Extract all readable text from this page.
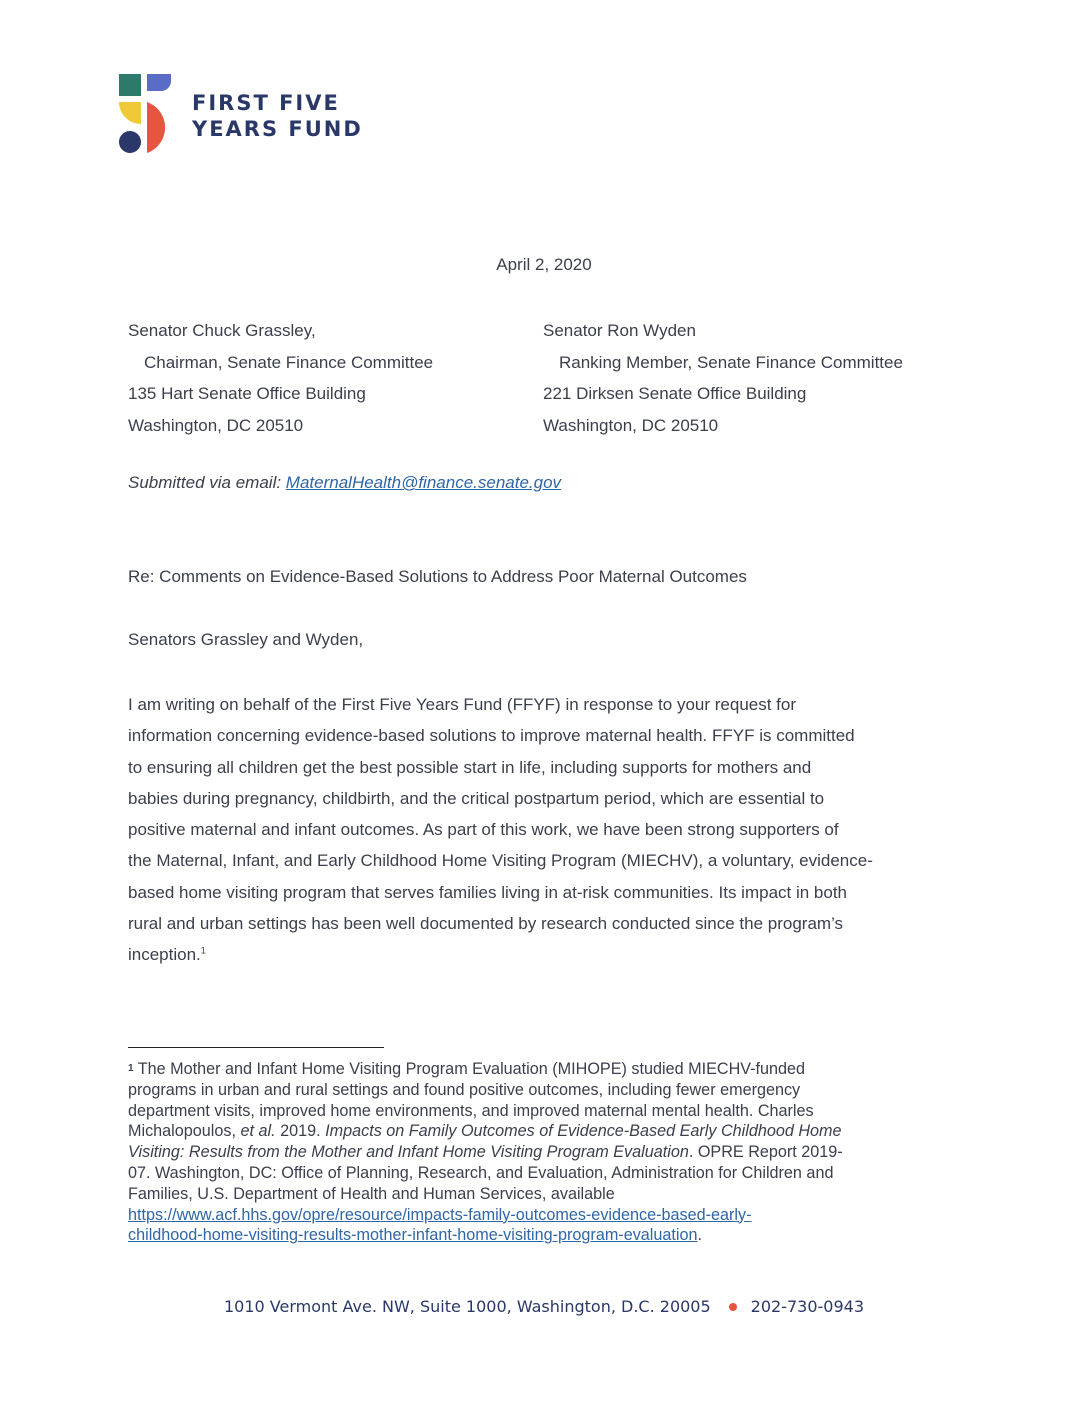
FIRST FIVE
YEARS FUND
April 2, 2020
Senator Chuck Grassley,
Chairman, Senate Finance Committee
135 Hart Senate Office Building
Washington, DC 20510
Senator Ron Wyden
Ranking Member, Senate Finance Committee
221 Dirksen Senate Office Building
Washington, DC 20510
Submitted via email: MaternalHealth@finance.senate.gov
Re: Comments on Evidence-Based Solutions to Address Poor Maternal Outcomes
Senators Grassley and Wyden,
I am writing on behalf of the First Five Years Fund (FFYF) in response to your request for
information concerning evidence-based solutions to improve maternal health. FFYF is committed
to ensuring all children get the best possible start in life, including supports for mothers and
babies during pregnancy, childbirth, and the critical postpartum period, which are essential to
positive maternal and infant outcomes. As part of this work, we have been strong supporters of
the Maternal, Infant, and Early Childhood Home Visiting Program (MIECHV), a voluntary, evidence-
based home visiting program that serves families living in at-risk communities. Its impact in both
rural and urban settings has been well documented by research conducted since the program’s
inception.$^1$
$^1$ The Mother and Infant Home Visiting Program Evaluation (MIHOPE) studied MIECHV-funded
programs in urban and rural settings and found positive outcomes, including fewer emergency
department visits, improved home environments, and improved maternal mental health. Charles
Michalopoulos, et al. 2019. Impacts on Family Outcomes of Evidence-Based Early Childhood Home
Visiting: Results from the Mother and Infant Home Visiting Program Evaluation. OPRE Report 2019-
07. Washington, DC: Office of Planning, Research, and Evaluation, Administration for Children and
Families, U.S. Department of Health and Human Services, available
https://www.acf.hhs.gov/opre/resource/impacts-family-outcomes-evidence-based-early-
childhood-home-visiting-results-mother-infant-home-visiting-program-evaluation.
1010 Vermont Ave. NW, Suite 1000, Washington, D.C. 20005	202-730-0943
